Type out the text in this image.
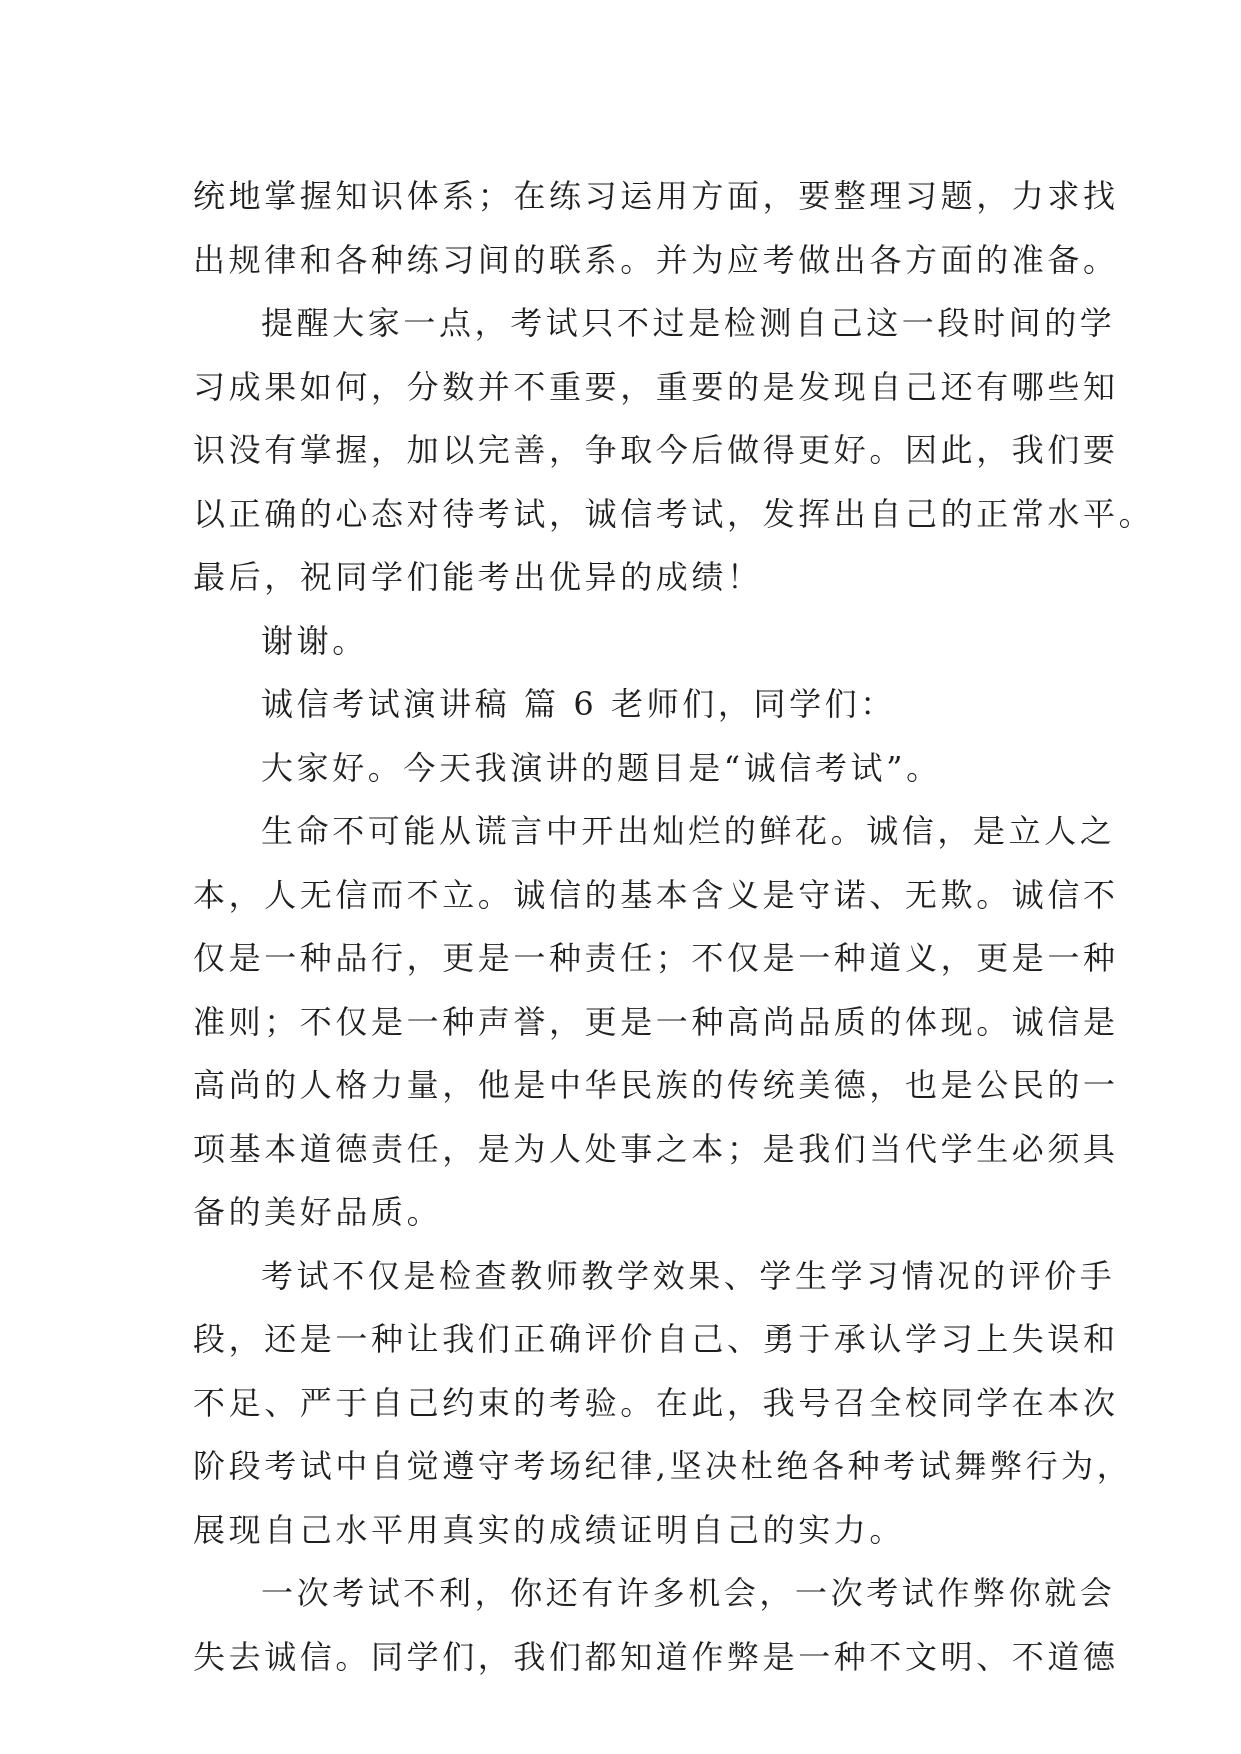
统地掌握知识体系；在练习运用方面，要整理习题，力求找
出规律和各种练习间的联系。并为应考做出各方面的准备。
提醒大家一点，考试只不过是检测自己这一段时间的学
习成果如何，分数并不重要，重要的是发现自己还有哪些知
识没有掌握，加以完善，争取今后做得更好。因此，我们要
以正确的心态对待考试，诚信考试，发挥出自己的正常水平。
最后，祝同学们能考出优异的成绩！
谢谢。
诚信考试演讲稿 篇 6 老师们，同学们：
大家好。今天我演讲的题目是“诚信考试”。
生命不可能从谎言中开出灿烂的鲜花。诚信，是立人之
本，人无信而不立。诚信的基本含义是守诺、无欺。诚信不
仅是一种品行，更是一种责任；不仅是一种道义，更是一种
准则；不仅是一种声誉，更是一种高尚品质的体现。诚信是
高尚的人格力量，他是中华民族的传统美德，也是公民的一
项基本道德责任，是为人处事之本；是我们当代学生必须具
备的美好品质。
考试不仅是检查教师教学效果、学生学习情况的评价手
段，还是一种让我们正确评价自己、勇于承认学习上失误和
不足、严于自己约束的考验。在此，我号召全校同学在本次
阶段考试中自觉遵守考场纪律,坚决杜绝各种考试舞弊行为，
展现自己水平用真实的成绩证明自己的实力。
一次考试不利，你还有许多机会，一次考试作弊你就会
失去诚信。同学们，我们都知道作弊是一种不文明、不道德
